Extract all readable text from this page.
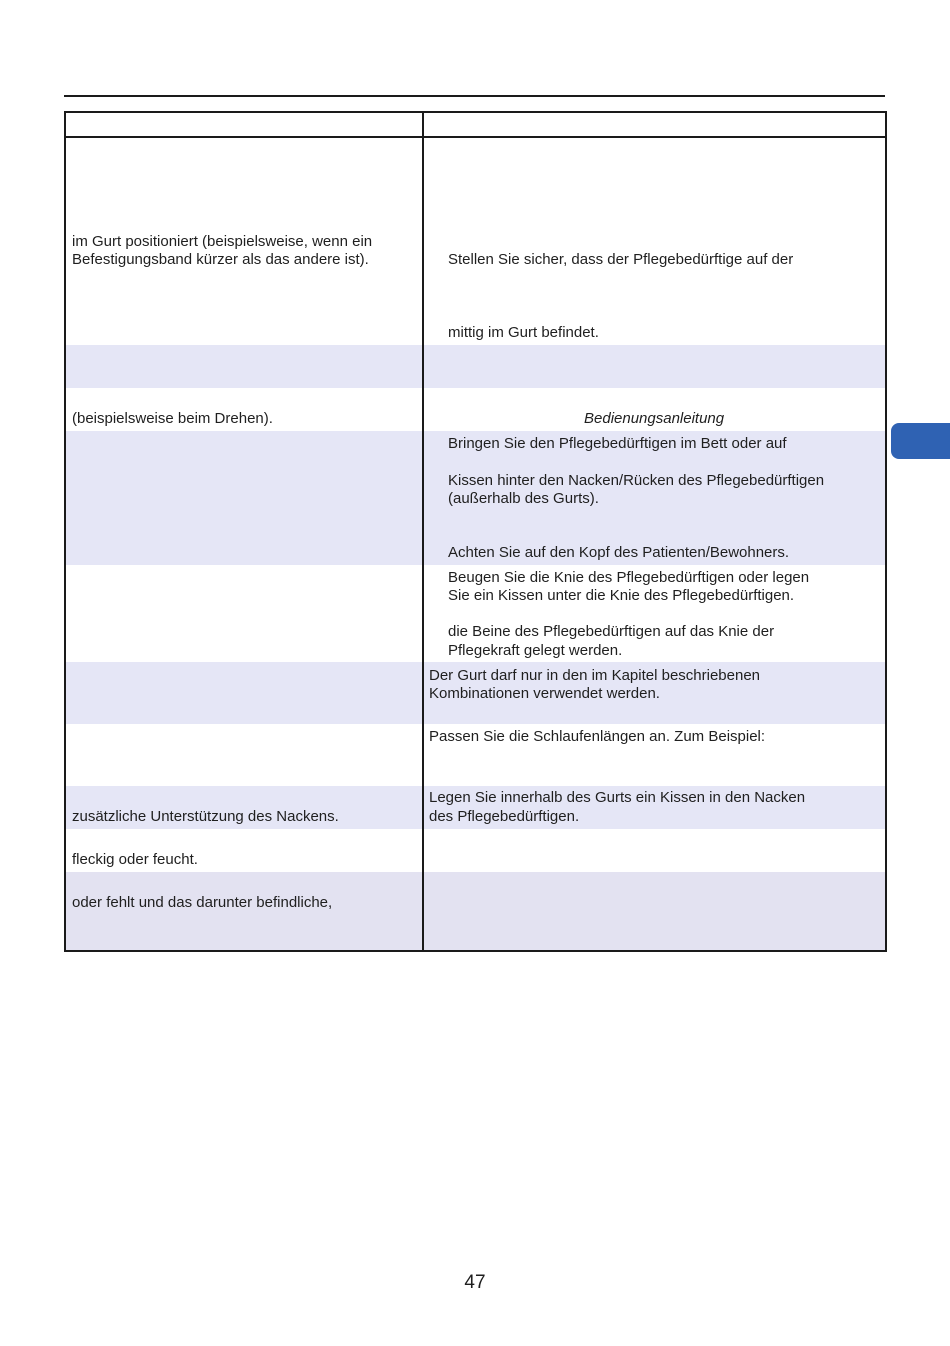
im Gurt positioniert (beispielsweise, wenn ein
Befestigungsband kürzer als das andere ist).
(beispielsweise beim Drehen).
zusätzliche Unterstützung des Nackens.
fleckig oder feucht.
oder fehlt und das darunter befindliche,
Stellen Sie sicher, dass der Pflegebedürftige auf der
mittig im Gurt befindet.
Bedienungsanleitung
Bringen Sie den Pflegebedürftigen im Bett oder auf
Kissen hinter den Nacken/Rücken des Pflegebedürftigen
(außerhalb des Gurts).
Achten Sie auf den Kopf des Patienten/Bewohners.
Beugen Sie die Knie des Pflegebedürftigen oder legen
Sie ein Kissen unter die Knie des Pflegebedürftigen.
die Beine des Pflegebedürftigen auf das Knie der
Pflegekraft gelegt werden.
Der Gurt darf nur in den im Kapitel beschriebenen
Kombinationen verwendet werden.
Passen Sie die Schlaufenlängen an. Zum Beispiel:
Legen Sie innerhalb des Gurts ein Kissen in den Nacken
des Pflegebedürftigen.
47
